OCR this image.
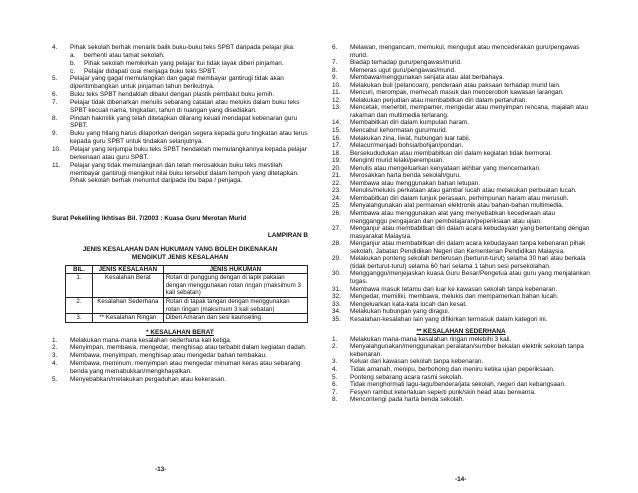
4.	Pihak sekolah berhak menarik balik buku-buku teks SPBT daripada pelajar jika:
a.	berhenti atau tamat sekolah.
b.	Pihak sekolah memikirkan yang pelajar itui tidak layak diberi pinjaman.
c.	Pelajar didapati cuai menjaga buku teks SPBT.
5.	Pelajar yang gagal memulangkan dan gagal membayar gantirugi tidak akan diperitimbangkan untuk pinjaman tahun berikutnya.
6.	Buku teks SPBT hendaklah dibalut dengan plastik pembalut buku jernih.
7.	Pelajar tidak dibenarkan menulis sebarang catatan atau melukis dalam buku teks SPBT kecuali nama, tingkatan, tahun di ruangan yang disediakan.
8.	Pindah hakmilik yang telah ditetapkan dilarang keuali mendapat kebenaran guru SPBT.
9.	Buku yang hilang harus dilaporkan dengan segera kepada guru tingkatan atau terus kepada guru SPBT untuk tindakan selanjutnya.
10.	Pelajar yang terjumpa buku teks SPBT hendaklah memulangkannya kepada pelajar berkenaan atau guru SPBT.
11.	Pelajar yang tidak memulangkan dan telah merosakkan buku teks mestilah membayar gantirugi mengikut nilai buku tersebut dalam tempoh yang ditetapkan. Pihak sekolah berhak menuntut daripada ibu bapa / penjaga.
Surat Pekeliling Ikhtisas Bil. 7/2003 : Kuasa Guru Merotan Murid
LAMPIRAN B
JENIS KESALAHAN DAN HUKUMAN YANG BOLEH DIKENAKAN
MENGIKUT JENIS KESALAHAN
BIL.	JENIS KESALAHAN	JENIS HUKUMAN
1.	Kesalahan Berat	Rotan di punggung dengan di lapik pakaian dengan menggunakan rotan ringan (maksimum 3 kali sebatan)
2.	Kesalahan Sederhana	Rotan di tapak tangan dengan menggunakan rotan ringan (maksimum 3 kali sebatan)
3.	** Kesalahan Ringan	Diberi Amaran dan sesi kaunseling
* KESALAHAN BERAT
1.	Melakukan mana-mana kesalahan sederhana kali ketiga.
2.	Menyimpan, membawa, mengedar, menghisap atau terbabit dalam kegiatan dadah.
3.	Membawa, menyimpan, menghisap atau mengedar bahan tembakau.
4.	Membawa, meminum, menyimpan atau mengedar minuman keras atau sebarang benda yang memabukkan/mengkhayalkan.
5.	Menyebabkan/melakukan pergaduhan atau kekerasan.
6.	Melawan, mengancam, memukul, mengugut atau mencederakan guru/pengawas murid.
7.	Biadap terhadap guru/pengawas/murid.
8.	Memeras ugut guru/pengawas/murid.
9.	Membawa/menggunakan senjata atau alat berbahaya.
10.	Melakukan buli (pelancoan), penderaan atau paksaan terhadap murid lain.
11.	Mencuri, merompak, memecah masuk dan menceroboh kawasan larangan.
12.	Melakukan perjudian atau membabitkan diri dalam pertaruhan.
13.	Mencetak, menerbit, mempamer, mengedar atau menyimpan rencana, majalah atau rakaman dan multimedia terlarang.
14.	Membabitkan diri dalam kumpulan haram.
15.	Mencabul kehormatan guru/murid.
16.	Melakukan zina, liwat, hubungan luar tabii.
17.	Melacur/menjadi bohsia/bohjan/pondan.
18.	Bersekududukan atau membabitkan diri dalam kegiatan tidak bermoral.
19.	Menginti murid lelaki/perempuan.
20.	Menulis atau mengeluarkan kenyataan akhbar yang mencemarkan.
21.	Merosakkan harta benda sekolah/guru.
22.	Membawa atau menggunakan bahan letupan.
23.	Menulis/melukis perkataan atau gambar lucah atau melakukan perbuatan lucah.
24.	Membabitkan diri dalam tunjuk perasaan, perhimpunan haram atau merusuh.
25.	Menyalahgunakan alat permainan elektronik atau bahan-bahan multimedia.
26.	Membawa atau menggunakan alat yang menyebabkan kecederaan atau mengganggu pengajaran dan pembelajaran/peperiksaan atau ujian.
27.	Menganjur atau membabitkan diri dalam acara kebudayaan yang bertentang dengan masyarakat Malaysia.
28.	Menganjur atau membabitkan diri dalam acara kebudayaan tanpa kebenaran pihak sekolah, Jabatan Pendidikan Negeri dan Kementerian Pendidikan Malaysia.
29.	Melakukan ponteng sekolah berterusan (berturut-turut) selama 30 hari atau berkala (tidak berturut-turut) selama 60 hari selama 1 tahun sesi persekolahan.
30.	Mengganggu/menjejaskan kuasa Guru Besar/Pengetua atau guru yang menjalankan tugas.
31.	Membawa masuk tetamu dari luar ke kawasan sekolah tanpa kebenaran.
32.	Mengedar, memiliki, membawa, melukis dan mempamerkan bahan lucah.
33.	Mengeluarkan kata-kata lucah dan kesat.
34.	Melakukan hubungan yang diragui.
35.	Kesalahan-kesalahan lain yang difikirkan termasuk dalam kategori ini.
** KESALAHAN SEDERHANA
1.	Melakukan mana-mana kesalahan ringan melebihi 3 kali.
2.	Menyalahgunakan/menggunakan peralatan/sumber bekalan elektrik sekolah tanpa kebenaran.
3.	Keluar dari kawasan sekolah tanpa kebenaran.
4.	Tidak amanah, menipu, berbohong dan meniru ketika ujian peperiksaan.
5.	Ponteng sebarang acara rasmi sekolah.
6.	Tidak menghormati lagu-lagu/bendera/jata sekolah, negeri dan kebangsaan.
7.	Fesyen rambut keterlaluan seperti punk/skin head atau berwarna.
8.	Mencontengi pada harta benda sekolah.
-13-
-14-
